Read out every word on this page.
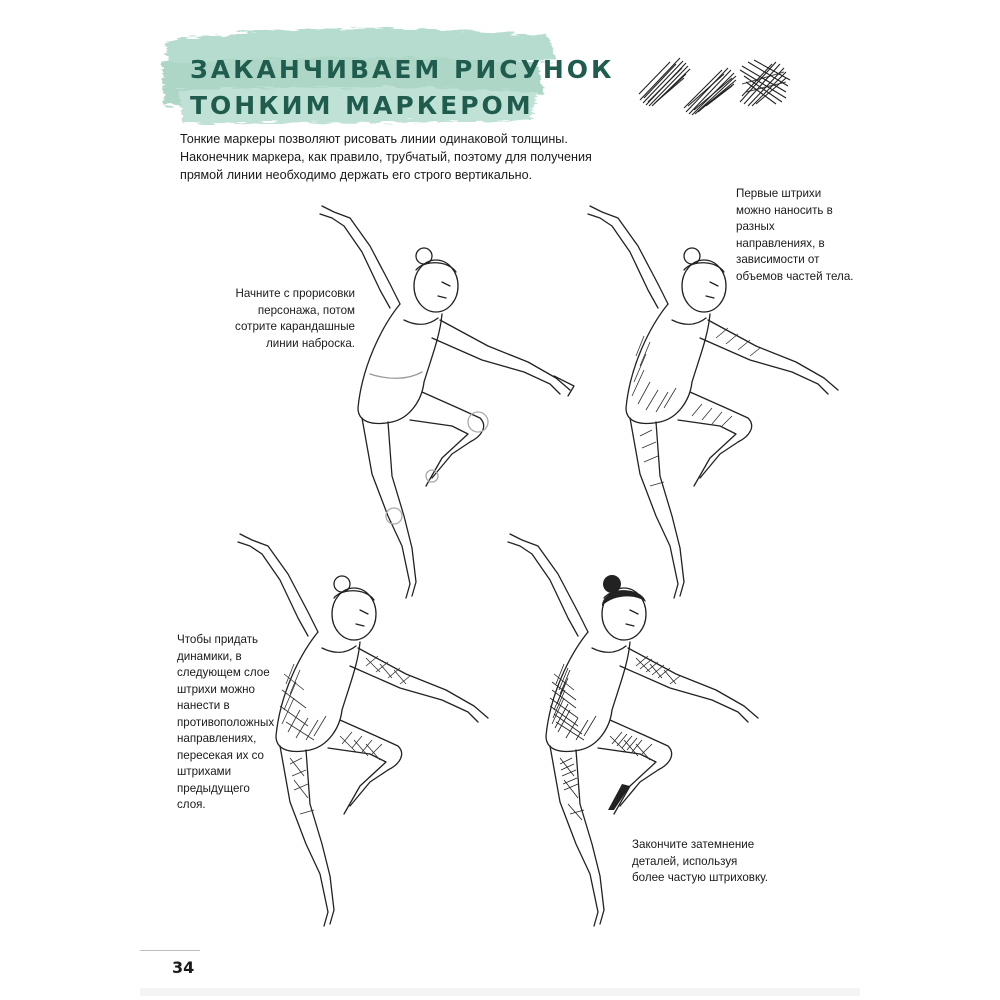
ЗАКАНЧИВАЕМ РИСУНОК
ТОНКИМ МАРКЕРОМ

Тонкие маркеры позволяют рисовать линии одинаковой толщины. Наконечник маркера, как правило, трубчатый, поэтому для получения прямой линии необходимо держать его строго вертикально.

Начните с прорисовки персонажа, потом сотрите карандашные линии наброска.

Первые штрихи можно наносить в разных направлениях, в зависимости от объемов частей тела.

Чтобы придать динамики, в следующем слое штрихи можно нанести в противоположных направлениях, пересекая их со штрихами предыдущего слоя.

Закончите затемнение деталей, используя более частую штриховку.

34
